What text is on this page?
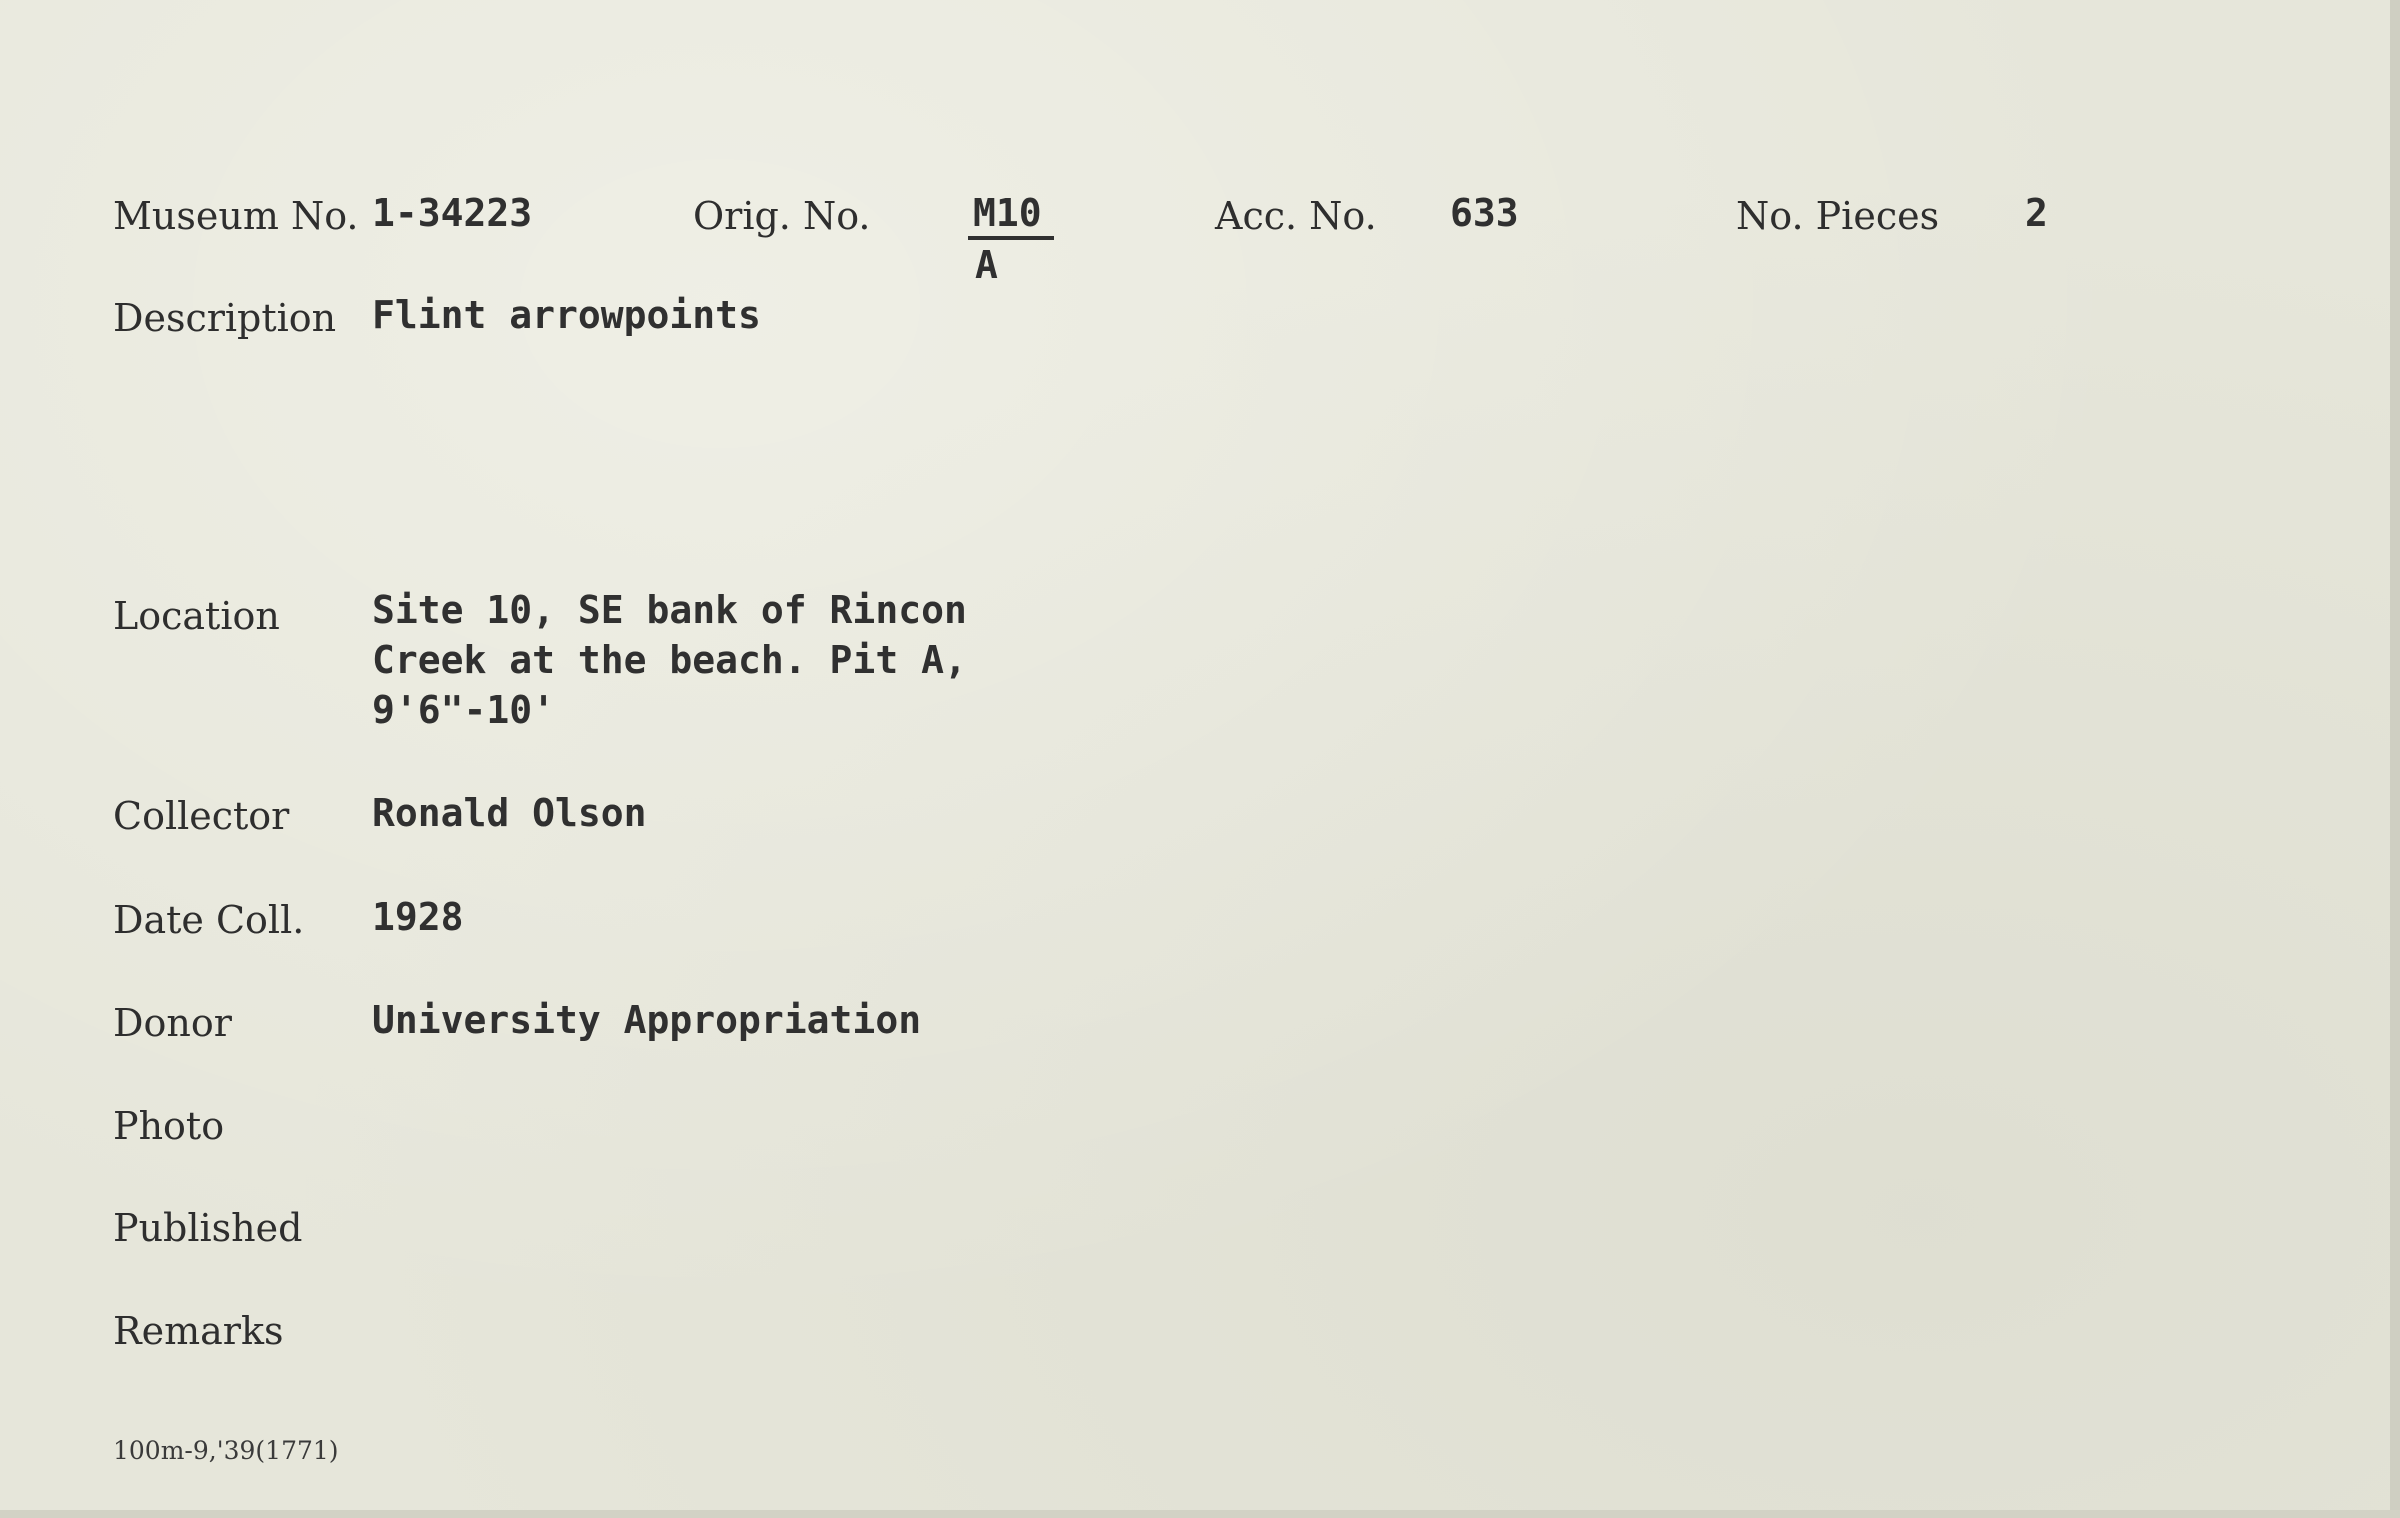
Museum No. 1-34223	Orig. No.	M10
A
Acc. No. 633	No. Pieces 2
Description Flint arrowpoints
Location Site 10, SE bank of Rincon
Creek at the beach. Pit A,
9'6"-10'
Collector Ronald Olson
Date Coll. 1928
Donor	University Appropriation
Photo
Published
Remarks
100m-9,'39(1771)
